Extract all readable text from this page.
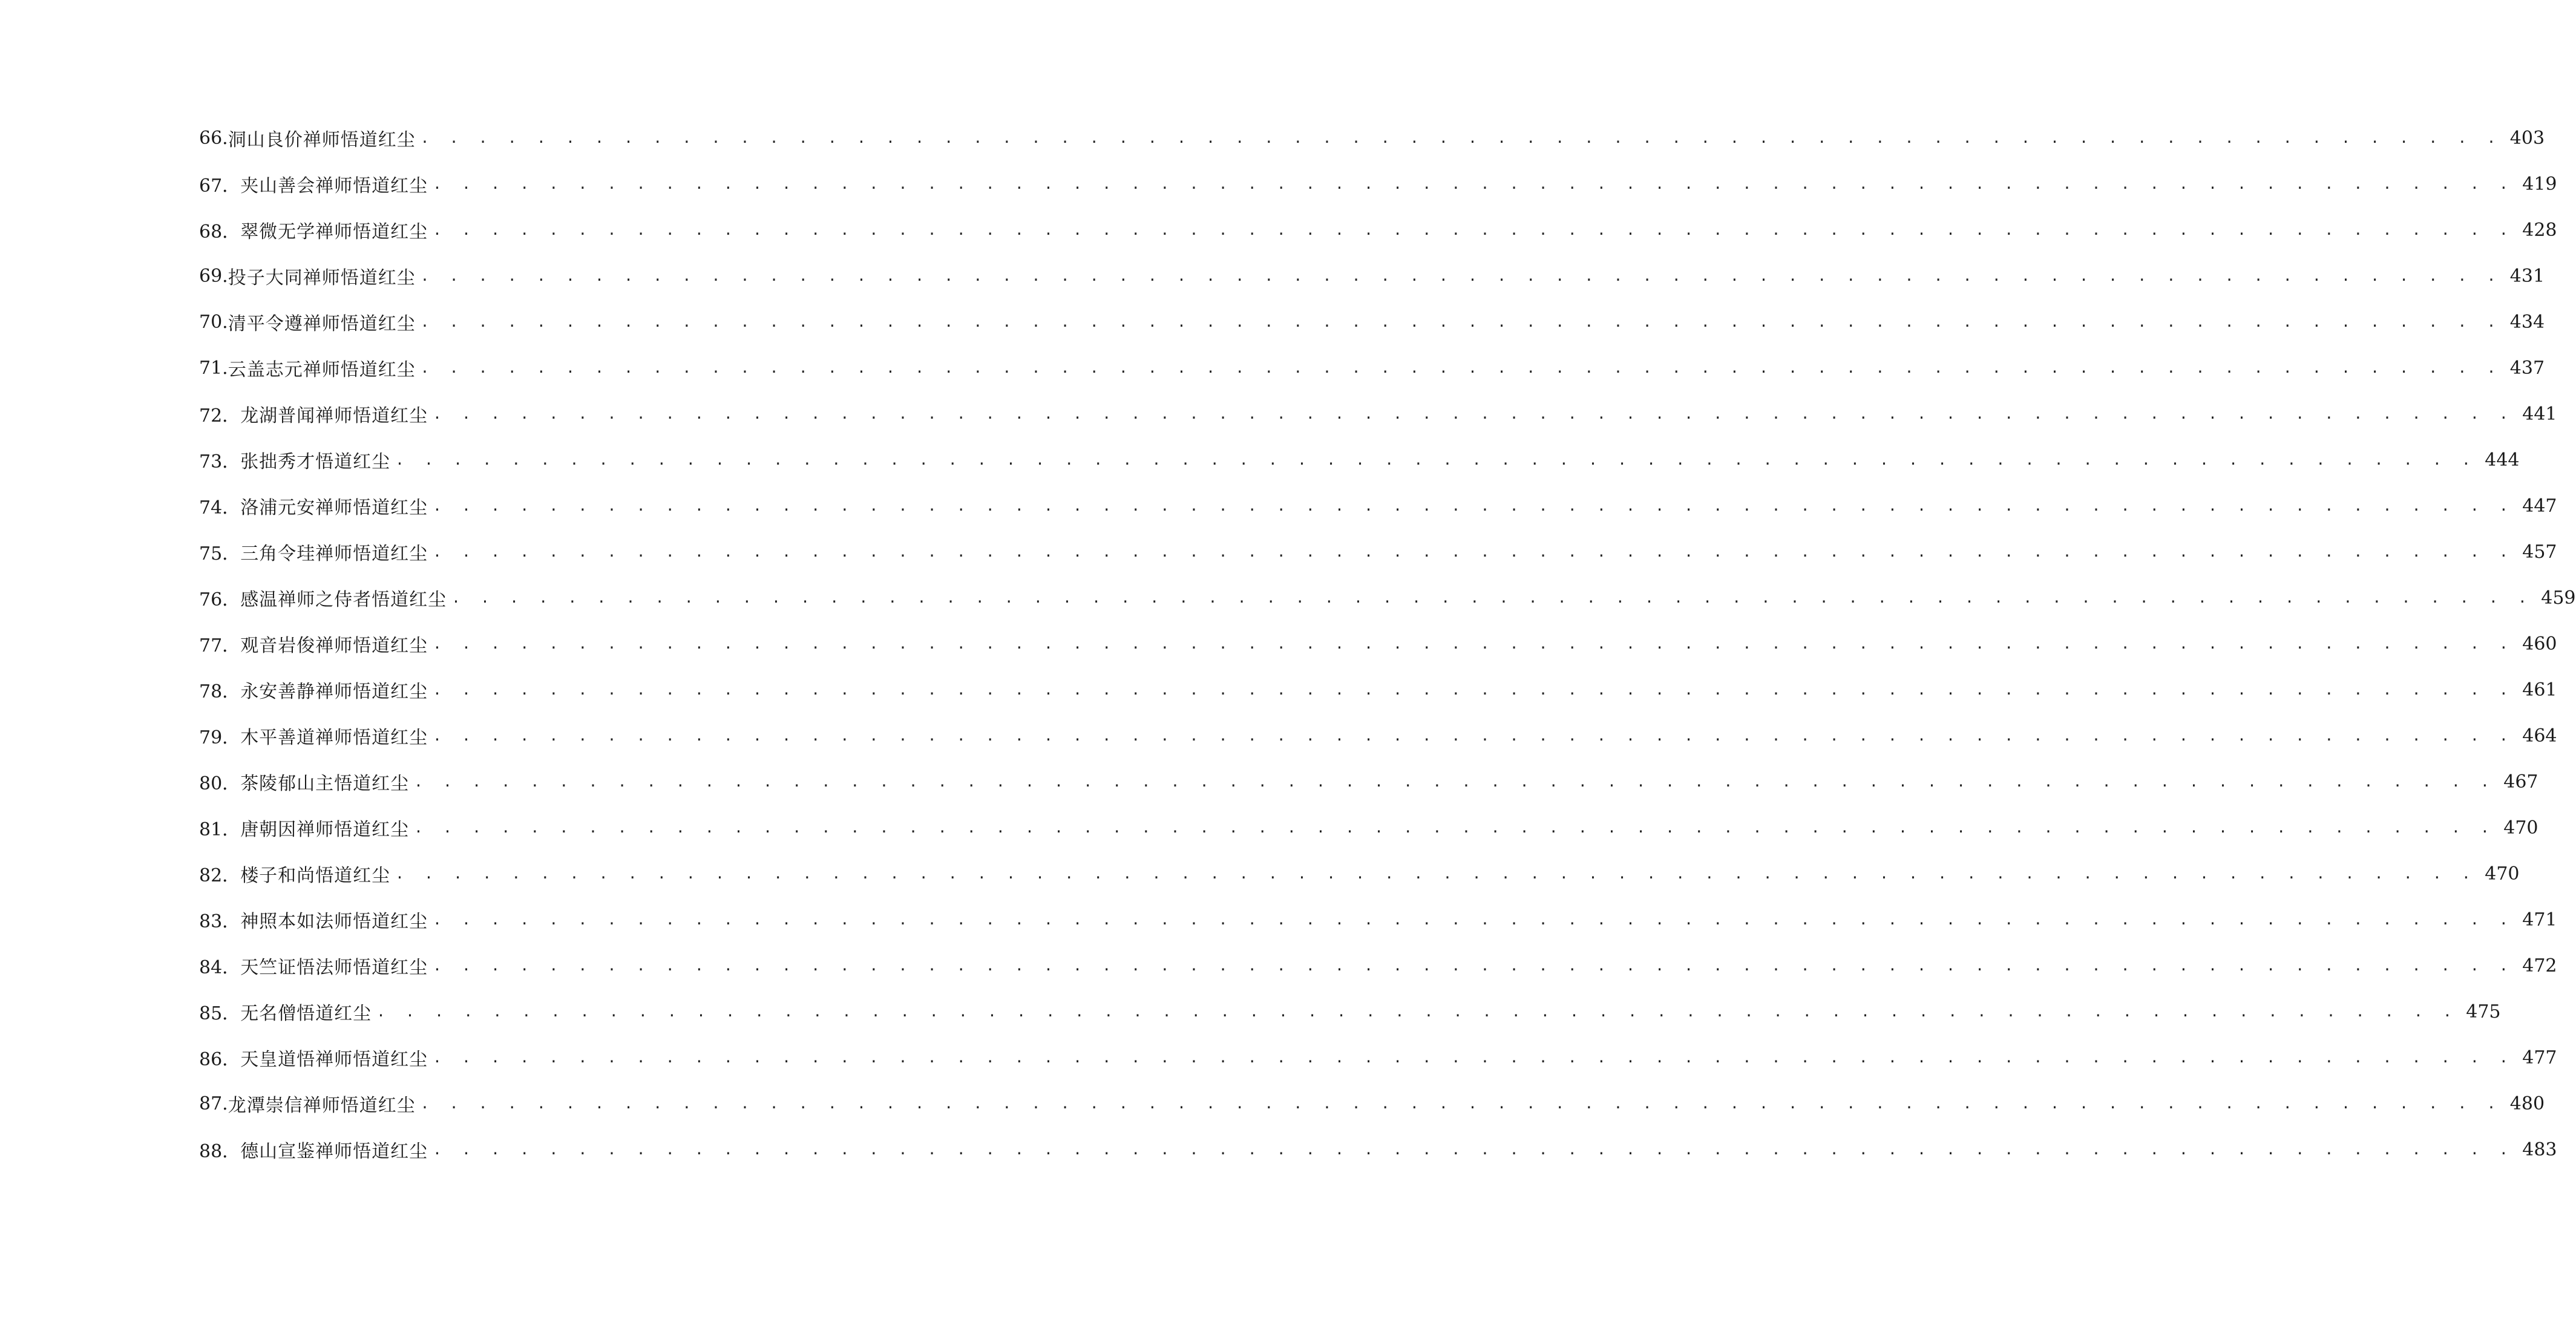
66. 洞山良价禅师悟道红尘 . . . . . . . . . . . . . . . . . . . . . . . . . . . . . . . . . . . . . . . . . . . . . . . . . . . . . . . . . . . . . . . . . . . . . . . . 403
67． 夹山善会禅师悟道红尘 . . . . . . . . . . . . . . . . . . . . . . . . . . . . . . . . . . . . . . . . . . . . . . . . . . . . . . . . . . . . . . . . . . . . . . . . 419
68． 翠微无学禅师悟道红尘 . . . . . . . . . . . . . . . . . . . . . . . . . . . . . . . . . . . . . . . . . . . . . . . . . . . . . . . . . . . . . . . . . . . . . . . . 428
69. 投子大同禅师悟道红尘 . . . . . . . . . . . . . . . . . . . . . . . . . . . . . . . . . . . . . . . . . . . . . . . . . . . . . . . . . . . . . . . . . . . . . . . . 431
70. 清平令遵禅师悟道红尘 . . . . . . . . . . . . . . . . . . . . . . . . . . . . . . . . . . . . . . . . . . . . . . . . . . . . . . . . . . . . . . . . . . . . . . . . 434
71. 云盖志元禅师悟道红尘 . . . . . . . . . . . . . . . . . . . . . . . . . . . . . . . . . . . . . . . . . . . . . . . . . . . . . . . . . . . . . . . . . . . . . . . . 437
72． 龙湖普闻禅师悟道红尘 . . . . . . . . . . . . . . . . . . . . . . . . . . . . . . . . . . . . . . . . . . . . . . . . . . . . . . . . . . . . . . . . . . . . . . . . 441
73． 张拙秀才悟道红尘 . . . . . . . . . . . . . . . . . . . . . . . . . . . . . . . . . . . . . . . . . . . . . . . . . . . . . . . . . . . . . . . . . . . . . . . . 444
74． 洛浦元安禅师悟道红尘 . . . . . . . . . . . . . . . . . . . . . . . . . . . . . . . . . . . . . . . . . . . . . . . . . . . . . . . . . . . . . . . . . . . . . . . . 447
75． 三角令珪禅师悟道红尘 . . . . . . . . . . . . . . . . . . . . . . . . . . . . . . . . . . . . . . . . . . . . . . . . . . . . . . . . . . . . . . . . . . . . . . . . 457
76． 感温禅师之侍者悟道红尘 . . . . . . . . . . . . . . . . . . . . . . . . . . . . . . . . . . . . . . . . . . . . . . . . . . . . . . . . . . . . . . . . . . . . . . . . 459
77． 观音岩俊禅师悟道红尘 . . . . . . . . . . . . . . . . . . . . . . . . . . . . . . . . . . . . . . . . . . . . . . . . . . . . . . . . . . . . . . . . . . . . . . . . 460
78． 永安善静禅师悟道红尘 . . . . . . . . . . . . . . . . . . . . . . . . . . . . . . . . . . . . . . . . . . . . . . . . . . . . . . . . . . . . . . . . . . . . . . . . 461
79． 木平善道禅师悟道红尘 . . . . . . . . . . . . . . . . . . . . . . . . . . . . . . . . . . . . . . . . . . . . . . . . . . . . . . . . . . . . . . . . . . . . . . . . 464
80． 茶陵郁山主悟道红尘 . . . . . . . . . . . . . . . . . . . . . . . . . . . . . . . . . . . . . . . . . . . . . . . . . . . . . . . . . . . . . . . . . . . . . . . . 467
81． 唐朝因禅师悟道红尘 . . . . . . . . . . . . . . . . . . . . . . . . . . . . . . . . . . . . . . . . . . . . . . . . . . . . . . . . . . . . . . . . . . . . . . . . 470
82． 楼子和尚悟道红尘 . . . . . . . . . . . . . . . . . . . . . . . . . . . . . . . . . . . . . . . . . . . . . . . . . . . . . . . . . . . . . . . . . . . . . . . . 470
83． 神照本如法师悟道红尘 . . . . . . . . . . . . . . . . . . . . . . . . . . . . . . . . . . . . . . . . . . . . . . . . . . . . . . . . . . . . . . . . . . . . . . . . 471
84． 天竺证悟法师悟道红尘 . . . . . . . . . . . . . . . . . . . . . . . . . . . . . . . . . . . . . . . . . . . . . . . . . . . . . . . . . . . . . . . . . . . . . . . . 472
85． 无名僧悟道红尘 . . . . . . . . . . . . . . . . . . . . . . . . . . . . . . . . . . . . . . . . . . . . . . . . . . . . . . . . . . . . . . . . . . . . . . . . 475
86． 天皇道悟禅师悟道红尘 . . . . . . . . . . . . . . . . . . . . . . . . . . . . . . . . . . . . . . . . . . . . . . . . . . . . . . . . . . . . . . . . . . . . . . . . 477
87. 龙潭崇信禅师悟道红尘 . . . . . . . . . . . . . . . . . . . . . . . . . . . . . . . . . . . . . . . . . . . . . . . . . . . . . . . . . . . . . . . . . . . . . . . . 480
88． 德山宣鉴禅师悟道红尘 . . . . . . . . . . . . . . . . . . . . . . . . . . . . . . . . . . . . . . . . . . . . . . . . . . . . . . . . . . . . . . . . . . . . . . . . 483
